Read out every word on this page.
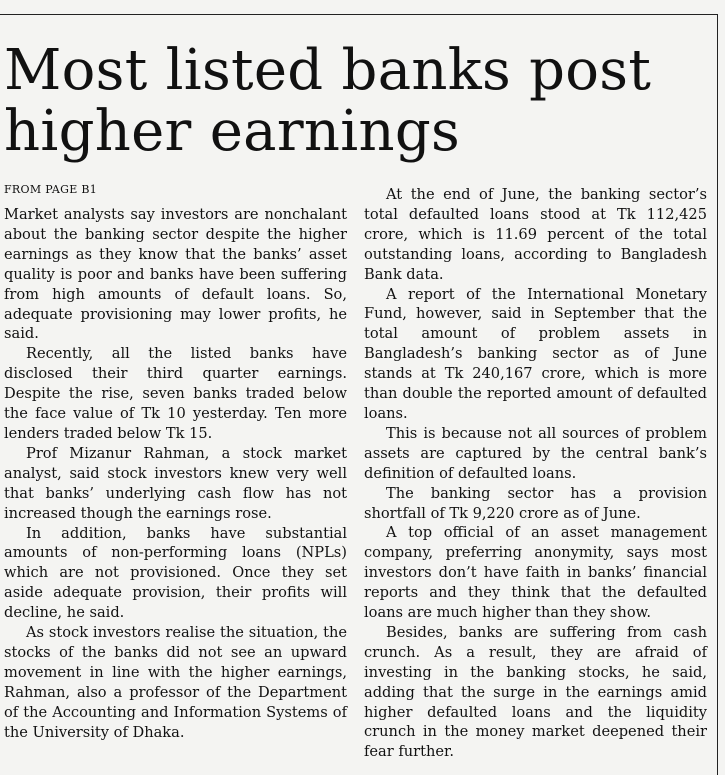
Most listed banks post
higher earnings
FROM PAGE B1

Market analysts say investors are nonchalant about the banking sector despite the higher earnings as they know that the banks’ asset quality is poor and banks have been suffering from high amounts of default loans. So, adequate provisioning may lower profits, he said.

Recently, all the listed banks have disclosed their third quarter earnings. Despite the rise, seven banks traded below the face value of Tk 10 yesterday. Ten more lenders traded below Tk 15.

Prof Mizanur Rahman, a stock market analyst, said stock investors knew very well that banks’ underlying cash flow has not increased though the earnings rose.

In addition, banks have substantial amounts of non-performing loans (NPLs) which are not provisioned. Once they set aside adequate provision, their profits will decline, he said.

As stock investors realise the situation, the stocks of the banks did not see an upward movement in line with the higher earnings, Rahman, also a professor of the Department of the Accounting and Information Systems of the University of Dhaka.

At the end of June, the banking sector’s total defaulted loans stood at Tk 112,425 crore, which is 11.69 percent of the total outstanding loans, according to Bangladesh Bank data.

A report of the International Monetary Fund, however, said in September that the total amount of problem assets in Bangladesh’s banking sector as of June stands at Tk 240,167 crore, which is more than double the reported amount of defaulted loans.

This is because not all sources of problem assets are captured by the central bank’s definition of defaulted loans.

The banking sector has a provision shortfall of Tk 9,220 crore as of June.

A top official of an asset management company, preferring anonymity, says most investors don’t have faith in banks’ financial reports and they think that the defaulted loans are much higher than they show.

Besides, banks are suffering from cash crunch. As a result, they are afraid of investing in the banking stocks, he said, adding that the surge in the earnings amid higher defaulted loans and the liquidity crunch in the money market deepened their fear further.
